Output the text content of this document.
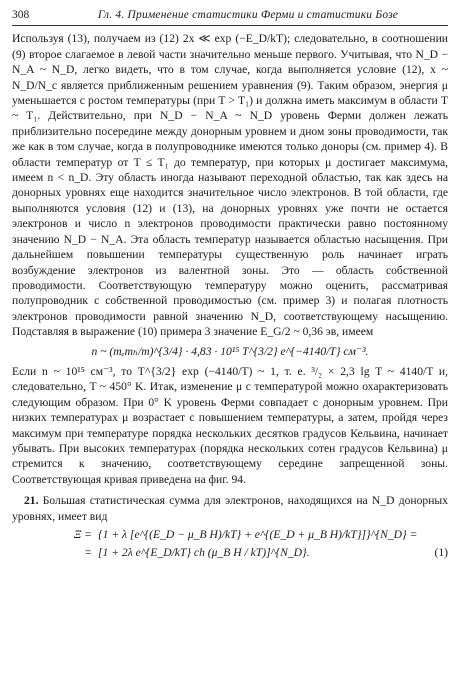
308	Гл. 4. Применение статистики Ферми и статистики Бозе

Используя (13), получаем из (12) 2x ≪ exp (−E_D/kT); следовательно, в соотношении (9) второе слагаемое в левой части значительно меньше первого. Учитывая, что N_D − N_A ~ N_D, легко видеть, что в том случае, когда выполняется условие (12), x ~ N_D/N_c является приближенным решением уравнения (9). Таким образом, энергия μ уменьшается с ростом температуры (при T > T₁) и должна иметь максимум в области T ~ T₁. Действительно, при N_D − N_A ~ N_D уровень Ферми должен лежать приблизительно посередине между донорным уровнем и дном зоны проводимости, так же как в том случае, когда в полупроводнике имеются только доноры (см. пример 4). В области температур от T ≤ T₁ до температур, при которых μ достигает максимума, имеем n < n_D. Эту область иногда называют переходной областью, так как здесь на донорных уровнях еще находится значительное число электронов. В той области, где выполняются условия (12) и (13), на донорных уровнях уже почти не остается электронов и число n электронов проводимости практически равно постоянному значению N_D − N_A. Эта область температур называется областью насыщения. При дальнейшем повышении температуры существенную роль начинает играть возбуждение электронов из валентной зоны. Это — область собственной проводимости. Соответствующую температуру можно оценить, рассматривая полупроводник с собственной проводимостью (см. пример 3) и полагая плотность электронов проводимости равной значению N_D, соответствующему насыщению. Подставляя в выражение (10) примера 3 значение E_G/2 ~ 0,36 эв, имеем

n ~ (mₑmₕ/m)^{3/4} · 4,83 · 10¹⁵ T^{3/2} e^{−4140/T} см⁻³.

Если n ~ 10¹⁵ см⁻³, то T^{3/2} exp (−4140/T) ~ 1, т. е. ³/₂ × 2,3 lg T ~ 4140/T и, следовательно, T ~ 450° K. Итак, изменение μ с температурой можно охарактеризовать следующим образом. При 0° K уровень Ферми совпадает с донорным уровнем. При низких температурах μ возрастает с повышением температуры, а затем, пройдя через максимум при температуре порядка нескольких десятков градусов Кельвина, начинает убывать. При высоких температурах (порядка нескольких сотен градусов Кельвина) μ стремится к значению, соответствующему середине запрещенной зоны. Соответствующая кривая приведена на фиг. 94.

21. Большая статистическая сумма для электронов, находящихся на N_D донорных уровнях, имеет вид

Ξ = {1 + λ [e^{(E_D − μ_B H)/kT} + e^{(E_D + μ_B H)/kT}]}^{N_D} =
= [1 + 2λ e^{E_D/kT} ch (μ_B H / kT)]^{N_D}.	(1)
